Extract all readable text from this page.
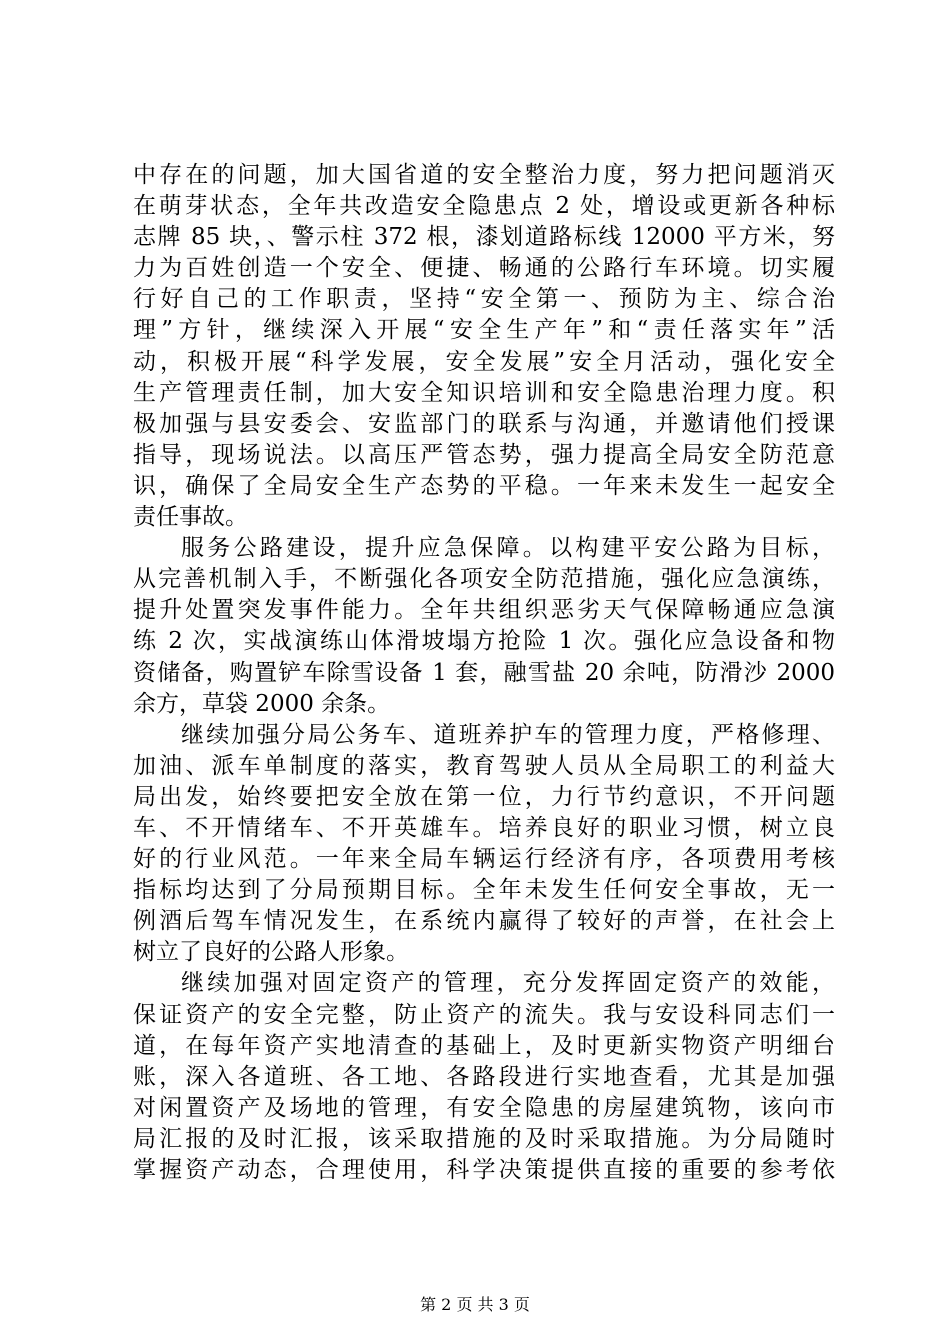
中存在的问题，加大国省道的安全整治力度，努力把问题消灭
在萌芽状态，全年共改造安全隐患点 2 处，增设或更新各种标
志牌 85 块，、警示柱 372 根，漆划道路标线 12000 平方米，努
力为百姓创造一个安全、便捷、畅通的公路行车环境。切实履
行好自己的工作职责，坚持“安全第一、预防为主、综合治
理”方针，继续深入开展“安全生产年”和“责任落实年”活
动，积极开展“科学发展，安全发展”安全月活动，强化安全
生产管理责任制，加大安全知识培训和安全隐患治理力度。积
极加强与县安委会、安监部门的联系与沟通，并邀请他们授课
指导，现场说法。以高压严管态势，强力提高全局安全防范意
识，确保了全局安全生产态势的平稳。一年来未发生一起安全
责任事故。
服务公路建设，提升应急保障。以构建平安公路为目标，
从完善机制入手，不断强化各项安全防范措施，强化应急演练，
提升处置突发事件能力。全年共组织恶劣天气保障畅通应急演
练 2 次，实战演练山体滑坡塌方抢险 1 次。强化应急设备和物
资储备，购置铲车除雪设备 1 套，融雪盐 20 余吨，防滑沙 2000
余方，草袋 2000 余条。
继续加强分局公务车、道班养护车的管理力度，严格修理、
加油、派车单制度的落实，教育驾驶人员从全局职工的利益大
局出发，始终要把安全放在第一位，力行节约意识，不开问题
车、不开情绪车、不开英雄车。培养良好的职业习惯，树立良
好的行业风范。一年来全局车辆运行经济有序，各项费用考核
指标均达到了分局预期目标。全年未发生任何安全事故，无一
例酒后驾车情况发生，在系统内赢得了较好的声誉，在社会上
树立了良好的公路人形象。
继续加强对固定资产的管理，充分发挥固定资产的效能，
保证资产的安全完整，防止资产的流失。我与安设科同志们一
道，在每年资产实地清查的基础上，及时更新实物资产明细台
账，深入各道班、各工地、各路段进行实地查看，尤其是加强
对闲置资产及场地的管理，有安全隐患的房屋建筑物，该向市
局汇报的及时汇报，该采取措施的及时采取措施。为分局随时
掌握资产动态，合理使用，科学决策提供直接的重要的参考依
第 2 页 共 3 页
